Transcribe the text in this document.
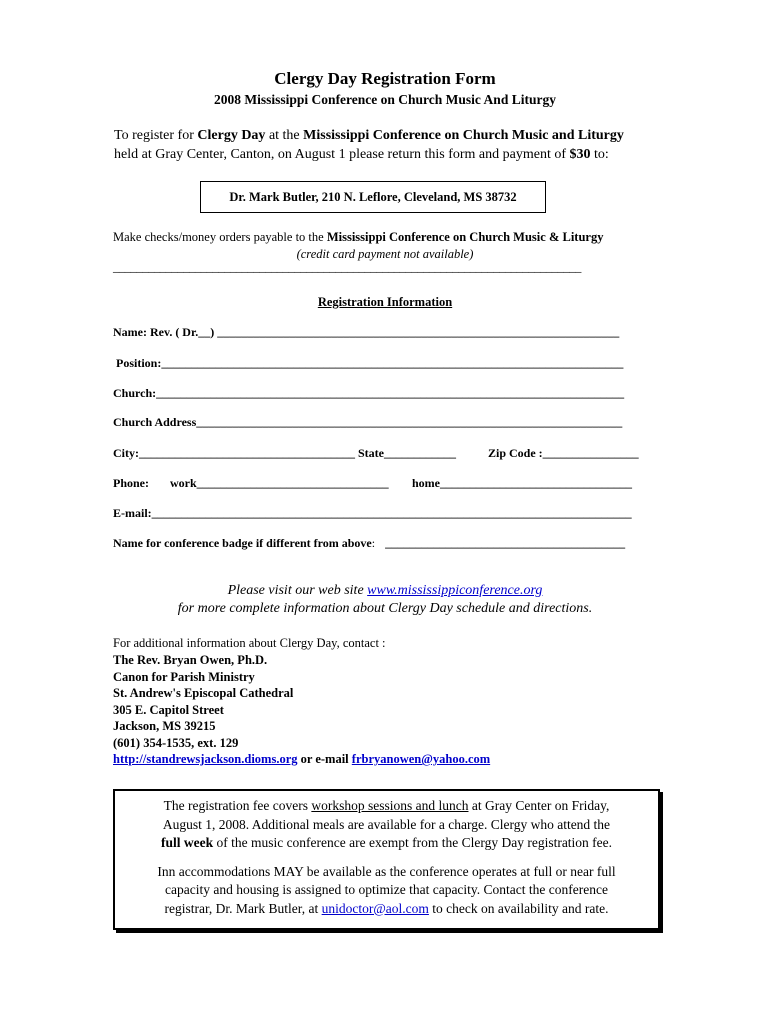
Clergy Day Registration Form
2008 Mississippi Conference on Church Music And Liturgy
To register for Clergy Day at the Mississippi Conference on Church Music and Liturgy
held at Gray Center, Canton, on August 1 please return this form and payment of $30 to:
Dr. Mark Butler, 210 N. Leflore, Cleveland, MS 38732
Make checks/money orders payable to the Mississippi Conference on Church Music & Liturgy
(credit card payment not available)
________________________________________________________________________________
Registration Information
Name: Rev. ( Dr.__) ___________________________________________________________________
Position:_____________________________________________________________________________
Church:______________________________________________________________________________
Church Address_______________________________________________________________________
City:____________________________________ State____________	Zip Code :________________
Phone: work________________________________ home________________________________
E-mail:________________________________________________________________________________
Name for conference badge if different from above: ________________________________________
Please visit our web site www.mississippiconference.org
for more complete information about Clergy Day schedule and directions.
For additional information about Clergy Day, contact :
The Rev. Bryan Owen, Ph.D.
Canon for Parish Ministry
St. Andrew's Episcopal Cathedral
305 E. Capitol Street
Jackson, MS 39215
(601) 354-1535, ext. 129
http://standrewsjackson.dioms.org or e-mail frbryanowen@yahoo.com

The registration fee covers workshop sessions and lunch at Gray Center on Friday,
August 1, 2008. Additional meals are available for a charge. Clergy who attend the
full week of the music conference are exempt from the Clergy Day registration fee.

Inn accommodations MAY be available as the conference operates at full or near full
capacity and housing is assigned to optimize that capacity. Contact the conference
registrar, Dr. Mark Butler, at unidoctor@aol.com to check on availability and rate.
